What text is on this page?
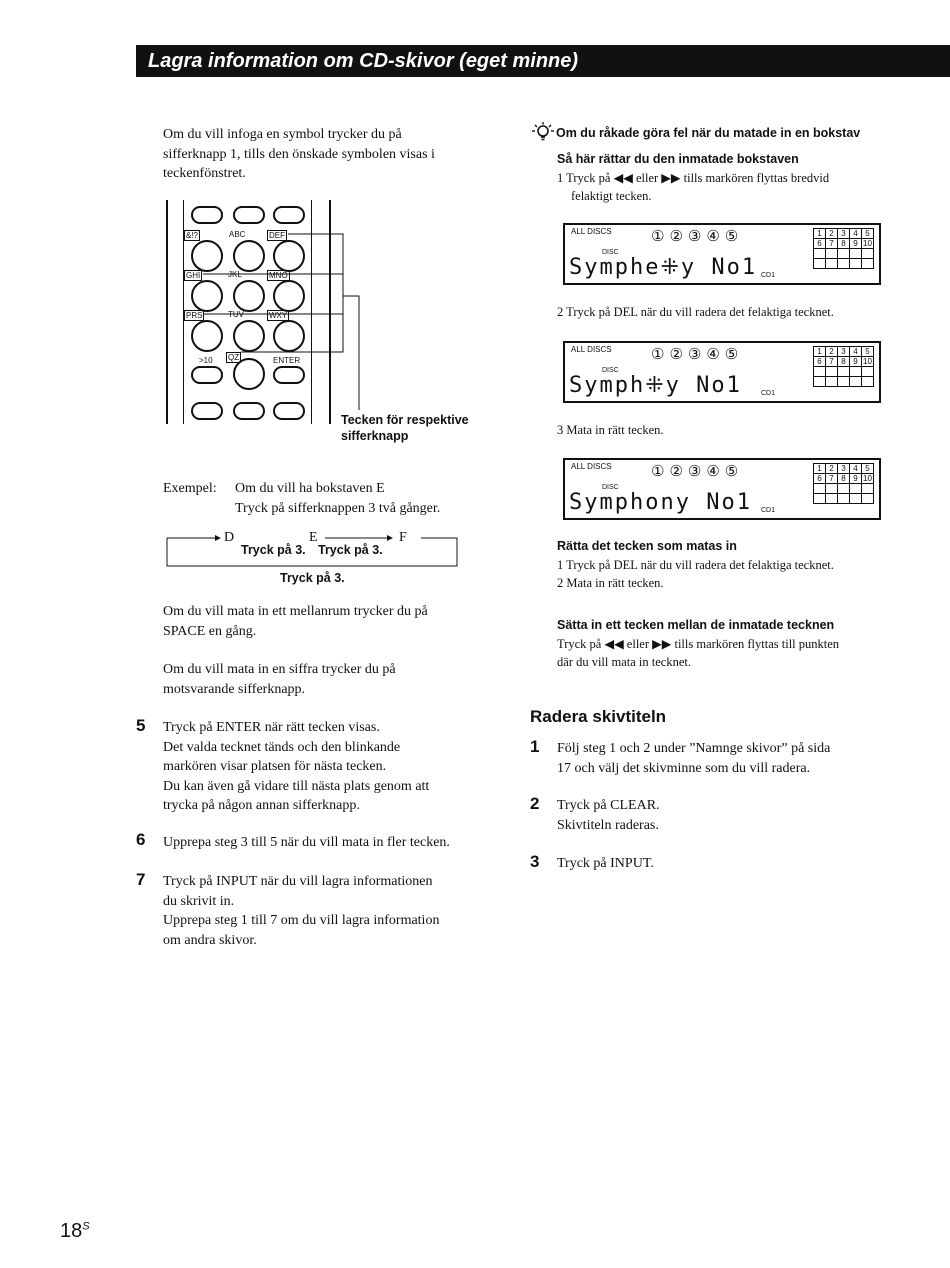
Lagra information om CD-skivor (eget minne)
Om du vill infoga en symbol trycker du på
sifferknapp 1, tills den önskade symbolen visas i
teckenfönstret.
&!?	ABC	DEF
GHI	JKL	MNO
PRS	TUV	WXY
>10 QZ	ENTER
Tecken för respektive
sifferknapp
Exempel: Om du vill ha bokstaven E
Tryck på sifferknappen 3 två gånger.
D	E	F
Tryck på 3. Tryck på 3.
Tryck på 3.
Om du vill mata in ett mellanrum trycker du på
SPACE en gång.
Om du vill mata in en siffra trycker du på
motsvarande sifferknapp.
5 Tryck på ENTER när rätt tecken visas.
Det valda tecknet tänds och den blinkande
markören visar platsen för nästa tecken.
Du kan även gå vidare till nästa plats genom att
trycka på någon annan sifferknapp.
6 Upprepa steg 3 till 5 när du vill mata in fler tecken.
7 Tryck på INPUT när du vill lagra informationen
du skrivit in.
Upprepa steg 1 till 7 om du vill lagra information
om andra skivor.
Om du råkade göra fel när du matade in en bokstav
Så här rättar du den inmatade bokstaven
1 Tryck på ◀◀ eller ▶▶ tills markören flyttas bredvid
felaktigt tecken.
ALL DISCS
DISC
①②③④⑤
Symphe⁜y No1 CD1
1	2	3	4	5
6	7	8	9	10

2 Tryck på DEL när du vill radera det felaktiga tecknet.
ALL DISCS
DISC
①②③④⑤
Symph⁜y No1	CD1
1	2	3	4	5
6	7	8	9	10

3 Mata in rätt tecken.
ALL DISCS
DISC
①②③④⑤
Symphony No1 CD1
1	2	3	4	5
6	7	8	9	10

Rätta det tecken som matas in
1 Tryck på DEL när du vill radera det felaktiga tecknet.
2 Mata in rätt tecken.
Sätta in ett tecken mellan de inmatade tecknen
Tryck på ◀◀ eller ▶▶ tills markören flyttas till punkten
där du vill mata in tecknet.
Radera skivtiteln
1 Följ steg 1 och 2 under ”Namnge skivor” på sida
17 och välj det skivminne som du vill radera.
2 Tryck på CLEAR.
Skivtiteln raderas.
3 Tryck på INPUT.
$18^S$
